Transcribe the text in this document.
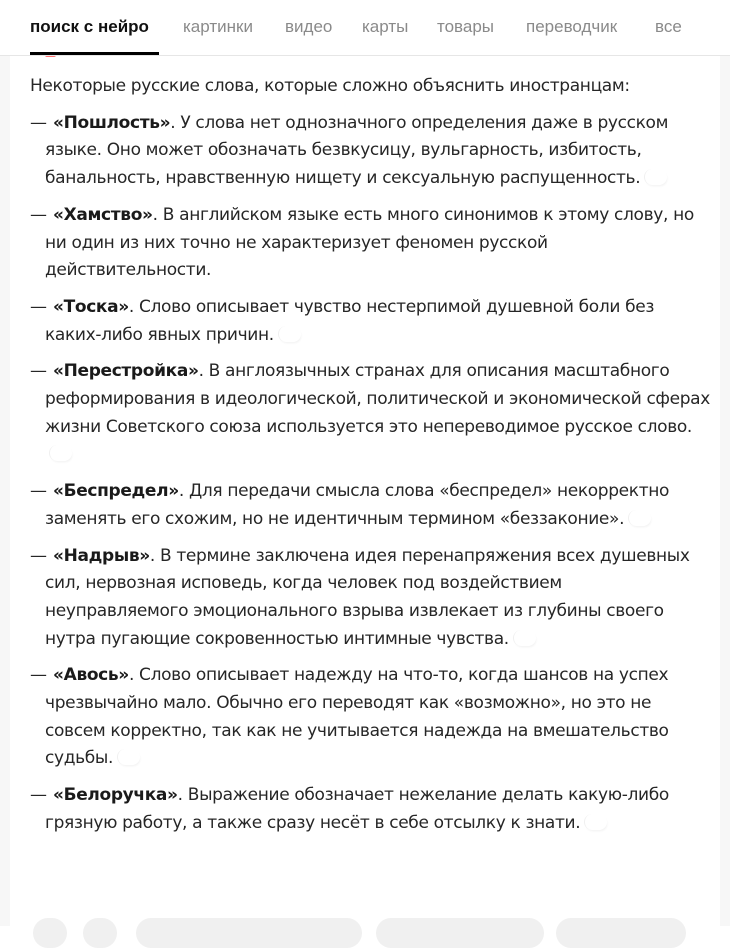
поиск с нейро картинки видео карты товары переводчик все

Некоторые русские слова, которые сложно объяснить иностранцам:

— «Пошлость». У слова нет однозначного определения даже в русском языке. Оно может обозначать безвкусицу, вульгарность, избитость, банальность, нравственную нищету и сексуальную распущенность.

— «Хамство». В английском языке есть много синонимов к этому слову, но ни один из них точно не характеризует феномен русской действительности.

— «Тоска». Слово описывает чувство нестерпимой душевной боли без каких-либо явных причин.

— «Перестройка». В англоязычных странах для описания масштабного реформирования в идеологической, политической и экономической сферах жизни Советского союза используется это непереводимое русское слово.

— «Беспредел». Для передачи смысла слова «беспредел» некорректно заменять его схожим, но не идентичным термином «беззаконие».

— «Надрыв». В термине заключена идея перенапряжения всех душевных сил, нервозная исповедь, когда человек под воздействием неуправляемого эмоционального взрыва извлекает из глубины своего нутра пугающие сокровенностью интимные чувства.

— «Авось». Слово описывает надежду на что-то, когда шансов на успех чрезвычайно мало. Обычно его переводят как «возможно», но это не совсем корректно, так как не учитывается надежда на вмешательство судьбы.

— «Белоручка». Выражение обозначает нежелание делать какую-либо грязную работу, а также сразу несёт в себе отсылку к знати.
